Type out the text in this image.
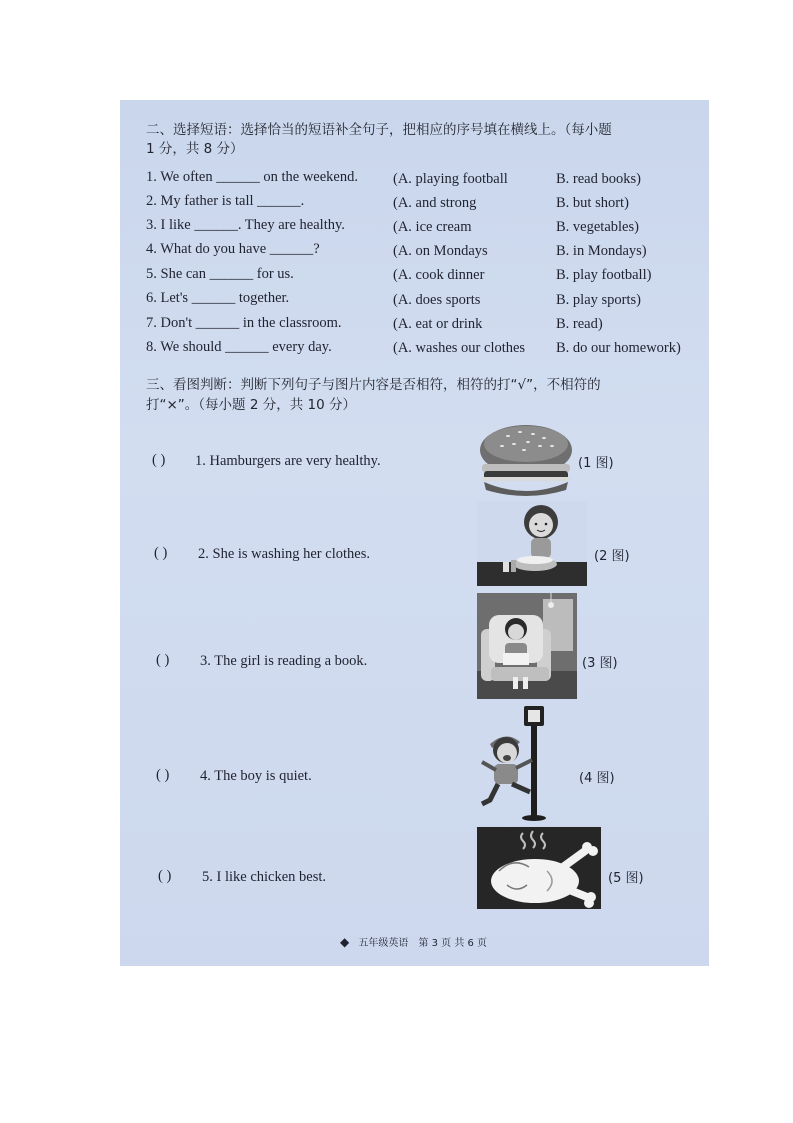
二、选择短语：选择恰当的短语补全句子，把相应的序号填在横线上。（每小题
1 分，共 8 分）
1. We often ______ on the weekend. (A. playing football	B. read books)
2. My father is tall ______.	(A. and strong	B. but short)
3. I like ______. They are healthy.	(A. ice cream	B. vegetables)
4. What do you have ______?	(A. on Mondays	B. in Mondays)
5. She can ______ for us.	(A. cook dinner	B. play football)
6. Let's ______ together.	(A. does sports	B. play sports)
7. Don't ______ in the classroom.	(A. eat or drink	B. read)
8. We should ______ every day.	(A. washes our clothes B. do our homework)
三、看图判断：判断下列句子与图片内容是否相符，相符的打“√”，不相符的
打“×”。（每小题 2 分，共 10 分）
( ) 1. Hamburgers are very healthy.	(1 图)
( ) 2. She is washing her clothes.	(2 图)
( ) 3. The girl is reading a book.	(3 图)
( ) 4. The boy is quiet.	(4 图)
( ) 5. I like chicken best.	(5 图)
◆ 五年级英语　第 3 页 共 6 页
